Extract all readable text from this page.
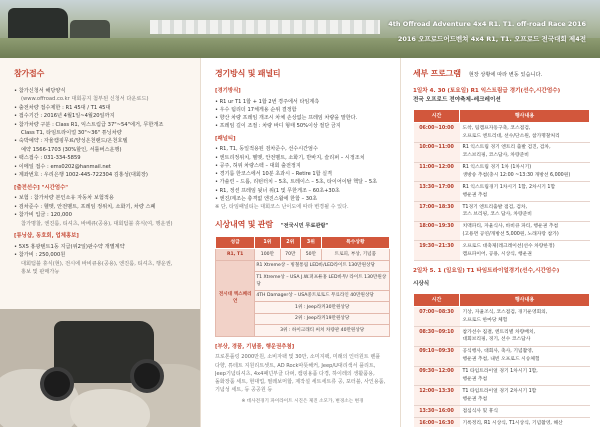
4th Offroad Adventure 4x4 R1. T1. off-road Race 2016
2016 오프로드어드벤쳐 4x4 R1, T1. 오프로드 전국대회 제4전
참가접수
• 참가신청서 해당양식
(www.offroad.co.kr 대회공지 첨부된 신청서 다운로드)
• 출전차량 접수제한 : R1 45대 / T1 45대
• 접수기간 : 2016년 4월1일~4월20일까지
• 참가차량 구분 : Class R1, 익스트림급 37"~54"에거, 무한개조
Class T1, 타임트라이얼 30"~36" 튜닝차량
• 숙박예약 : 자율캠핑무료/양성온천랜드/온천호텔
예약 1566-1703 (30%할인, 서틀버스운행)
• 팩스접수 : 031-334-5859
• 이메일 접수 : ems0202@hanmail.net
• 계좌번호 : 우리은행 1002-445-722304 김홍성(대회장)
[출전선수] "시간엄수"
• 보험 : 참가차량 본인소유 자동차 보험적용
• 검차준수 : 헬멧, 안전벨트, 프레임 정위치, 소화기, 차량 스폐
• 참가비 입금 : 120,000
참가명찰, 엔진룸, 티셔츠, 바베큐(공용), 대회텀블 휴식(여, 행운권)
[튜닝샵, 동호회, 업체홍보]
• 5X5 홍광텐트1동 지급(위2일)판수약 개별계약
• 참가비 : 250,000원
대회텀블 휴식(현), 전시에 바비큐용(공용), 엔진룸, 티셔츠, 행운권,
홍보 및 판매가능
경기방식 및 패널티
[경기방식]
• R1 ur T1 1합 + 1합 2번 경주에서 타임계측
• 우수 팀리더 17체게용 순위 결정함
• 향산 차량 프레임 개조시 차체 손상없는 프레임 차량을 말한다.
• 프레임 길이 조절 : 차량 바디 형태 50%이상 절단 금지
[패널티]
• R1, T1, 동일적용된 검차준수, 선수시간엄수
• 엔트리정위치, 헬멧, 안전벨트, 소화기, 반바지, 슬리퍼 – 시정조치
• 공주, 허위 차량스펙 – 대회 출전정지
• 경기룸 한코스에서 10분 초과시 – Retire 1합 실격
• 가솔린 – 드롭, 리턴터치 – 5초, 트레이스 – 5초, 타이어이탈 핵달 – 5초
• R1, 정션 프레임 뒷너 위(1 및 무한게조 – 60초+30초
• 엔진/계조는 충격없 엔진스왑에 한함 – 30초
※ 단, 타임패널티는 대회코스 난이도에 따라 변경될 수 있다.
시상내역 및 관람 "전국시민 무료관람"
성급	1위	2위	3위	특수상황
R1, T1	100만	70만	50만	트로피, 부상, 기념품
전시대 엑스페리언	R1 Xtreme상 – 빙철통림 LED바/LED라이트 130만원상당			
	T1 Xtreme상 – USA J.W.퍼프튜홍 LED바무/ 라이트 130만원상당			
	4TH Damager상 – USA중트로토드 무료라인 40만원상당			
	1위 : Jeep라커30만원상당			
	2위 : Jeep라커19만원상당			
	3위 : 하이크래티 써쳐 차량관 40만원상당			
[부상, 경품, 기념품, 행운권추첨]
프로톤플링 2000만원, 소비자팩 및 30만, 소미지팩, 미래의 인터원트 렌플
다향, 튜테트 지원리트셋트, AD Rock따뜻해커, Jeep/U대리색서 플리트,
Jeep기념티셔츠, 4x4패넌부클 다퍼, 캠핑용품 다경, 하이레의 생활품용,
돌화장품 세트, 현대업, 필레보머합, 제작설 세트세트류 공, 포터블, 사인용품,
기념성 세트, 등 공공원 등
※ 데사전경기 파이라이트 시진은 제진 소모가, 변경소는 변경
세부 프로그램 현장 상황에 따라 변동 있습니다.
1일차 4. 30 (토요일) R1 익스트림급 경기(선수,시간엄수)
전국 오프로드 전야축제–레크레이션
시간	행사내용
06:00~10:00	도착, 팀캠프자동구축, 코스점검,
오프로드 엔트리대, 선수/단소원, 참가명찰처리
10:00~11:00	R1 익스트림 경기 엔트리 출발 검진, 검차,
코스브리핑, 코스답사, 차량준비
11:00~12:00	R1 익스트림 경기 1차 (1차시기)
생방송 추첨(충시 12:00 ~13:30 개방선 6,000원)
13:30~17:00	R1 익스트림경기 1차시기 1합, 2차시기 1합
행운권 추첨
17:00~18:30	T1경기 엔트리출발 점검, 검차,
코스 브리핑, 코스 답사, 차량준비
18:00~19:30	치맥파티, 자율식사, 바비큐 파티, 행운권 추첨
(고용면 공연/개방선 5,000원, 노래자랑 참가)
19:30~21:30	오프로드 대축제(레크레이션(선수 차량한정)
캠프파이어, 공용, 시상식, 행운권
2일차 5. 1 (일요일) T1 타임트라이얼경기(선수,시간엄수)
시상식
시간	행사내용
07:00~08:30	기상, 자율조식, 코스점검, 경기운영회의,
오프로드 한마당 체험
08:30~09:10	참가선수 집결, 엔트리별 차량배치,
대회브리핑, 경기, 선수 코스답사
09:10~09:30	공식행사, 대회사, 축사, 기념촬영,
행운권 추첨, 내빈 오프로드 시승체험
09:30~12:00	T1 타임트라이얼 경기 1차시기 1합,
행운권 추첨
12:00~13:30	T1 타임트라이얼 경기 2차시기 1합
행운권 추첨
13:30~16:00	점심식사 및 휴식
16:00~16:30	기록정리, R1 시상식, T1시상식, 기념촬영, 해산
